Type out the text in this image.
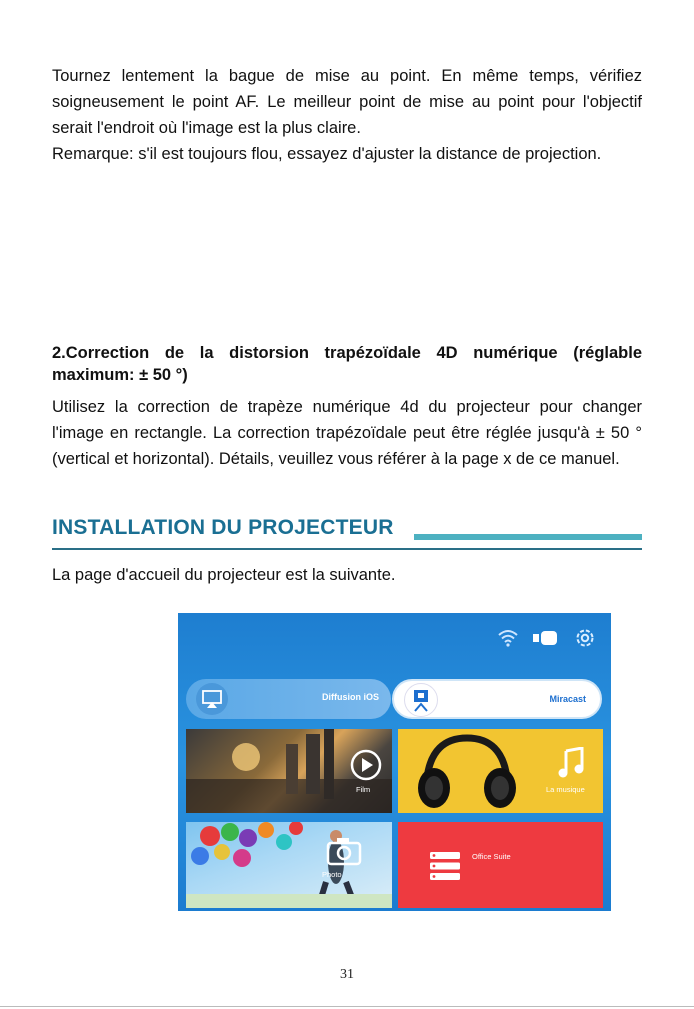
Tournez lentement la bague de mise au point. En même temps, vérifiez soigneusement le point AF. Le meilleur point de mise au point pour l'objectif serait l'endroit où l'image est la plus claire.
Remarque: s'il est toujours flou, essayez d'ajuster la distance de projection.

2.Correction de la distorsion trapézoïdale 4D numérique (réglable maximum: ± 50 °)

Utilisez la correction de trapèze numérique 4d du projecteur pour changer l'image en rectangle. La correction trapézoïdale peut être réglée jusqu'à ± 50 ° (vertical et horizontal). Détails, veuillez vous référer à la page x de ce manuel.

INSTALLATION DU PROJECTEUR

La page d'accueil du projecteur est la suivante.

Diffusion iOS	Miracast
Film	La musique
Photo
Office Suite
31
